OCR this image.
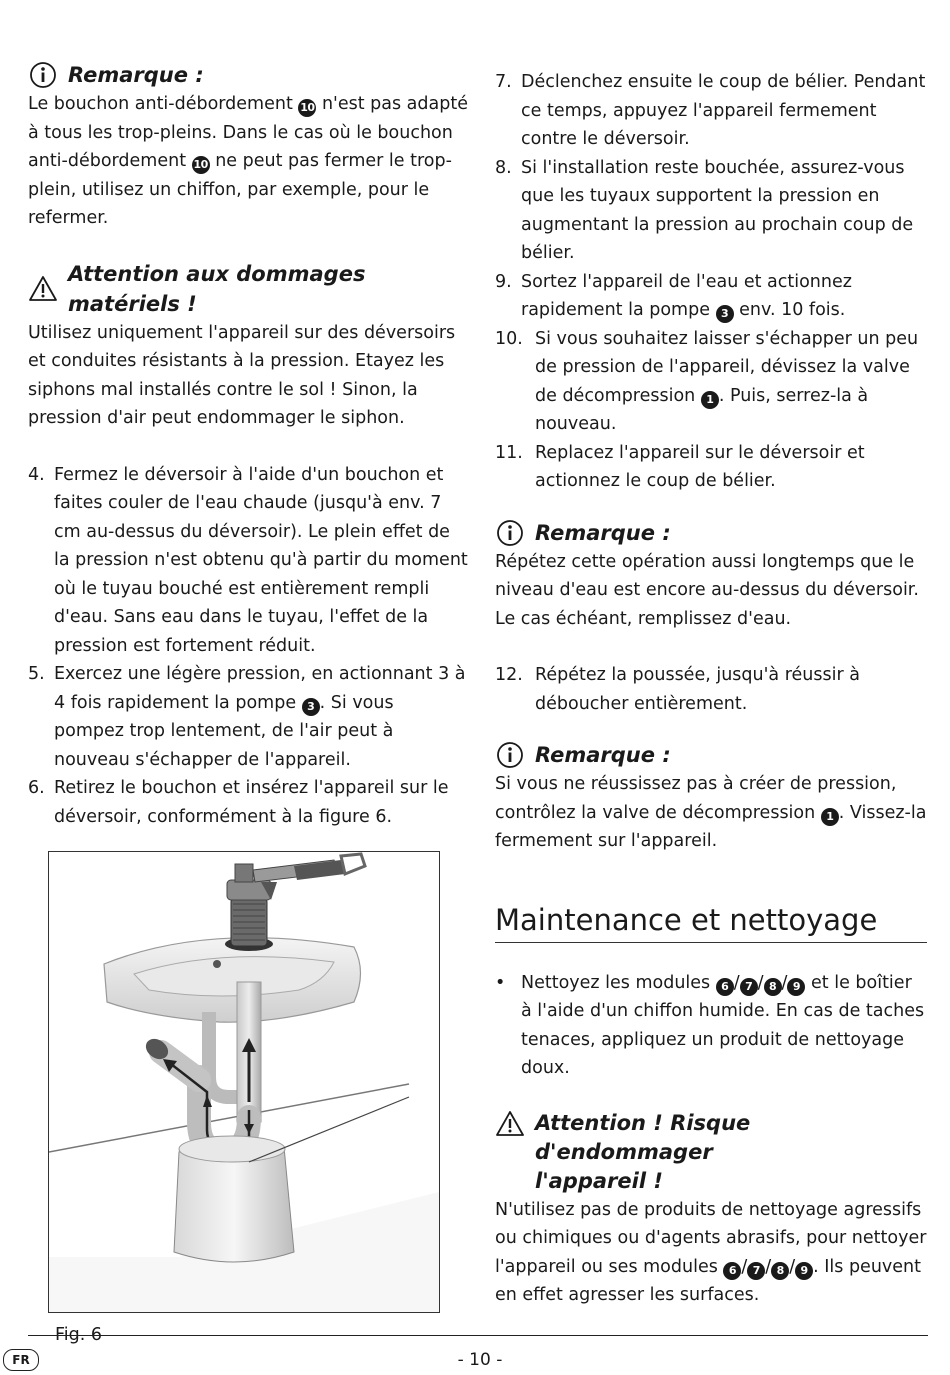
Remarque :

Le bouchon anti-débordement 10 n'est pas adapté à tous les trop-pleins. Dans le cas où le bouchon anti-débordement 10 ne peut pas fermer le trop-plein, utilisez un chiffon, par exemple, pour le refermer.

Attention aux dommages matériels !

Utilisez uniquement l'appareil sur des déversoirs et conduites résistants à la pression. Etayez les siphons mal installés contre le sol ! Sinon, la pression d'air peut endommager le siphon.

4. Fermez le déversoir à l'aide d'un bouchon et faites couler de l'eau chaude (jusqu'à env. 7 cm au-dessus du déversoir). Le plein effet de la pression n'est obtenu qu'à partir du moment où le tuyau bouché est entièrement rempli d'eau. Sans eau dans le tuyau, l'effet de la pression est fortement réduit.
5. Exercez une légère pression, en actionnant 3 à 4 fois rapidement la pompe 3 . Si vous pompez trop lentement, de l'air peut à nouveau s'échapper de l'appareil.
6. Retirez le bouchon et insérez l'appareil sur le déversoir, conformément à la figure 6.

Fig. 6

7. Déclenchez ensuite le coup de bélier. Pendant ce temps, appuyez l'appareil fermement contre le déversoir.
8. Si l'installation reste bouchée, assurez-vous que les tuyaux supportent la pression en augmentant la pression au prochain coup de bélier.
9. Sortez l'appareil de l'eau et actionnez rapidement la pompe 3 env. 10 fois.
10. Si vous souhaitez laisser s'échapper un peu de pression de l'appareil, dévissez la valve de décompression 1 . Puis, serrez-la à nouveau.
11. Replacez l'appareil sur le déversoir et actionnez le coup de bélier.
Remarque :

Répétez cette opération aussi longtemps que le niveau d'eau est encore au-dessus du déversoir. Le cas échéant, remplissez d'eau.

12. Répétez la poussée, jusqu'à réussir à déboucher entièrement.
Remarque :

Si vous ne réussissez pas à créer de pression, contrôlez la valve de décompression 1 . Vissez-la fermement sur l'appareil.

Maintenance et nettoyage
• Nettoyez les modules 6 / 7 / 8 / 9 et le boîtier à l'aide d'un chiffon humide. En cas de taches tenaces, appliquez un produit de nettoyage doux.
Attention ! Risque d'endommager
l'appareil !

N'utilisez pas de produits de nettoyage agressifs ou chimiques ou d'agents abrasifs, pour nettoyer l'appareil ou ses modules 6 / 7 / 8 / 9 . Ils peuvent en effet agresser les surfaces.

FR	- 10 -
